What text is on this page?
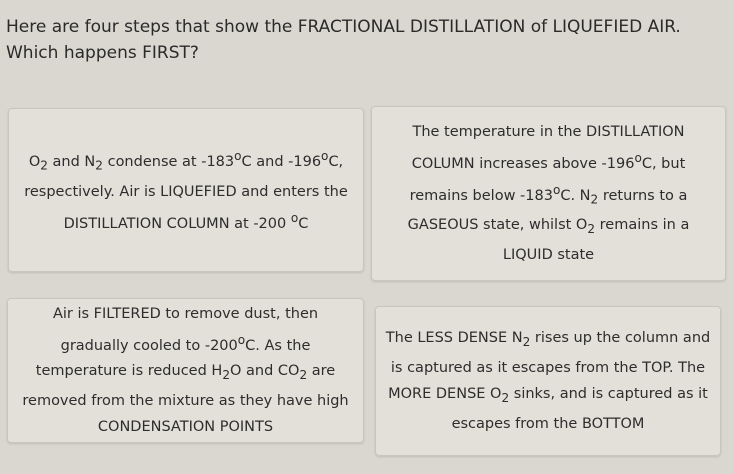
Here are four steps that show the FRACTIONAL DISTILLATION of LIQUEFIED AIR. Which happens FIRST?

$O_2$ and $N_2$ condense at -183$^o$C and -196$^o$C, respectively. Air is LIQUEFIED and enters the DISTILLATION COLUMN at -200 $^o$C
The temperature in the DISTILLATION COLUMN increases above -196$^o$C, but remains below -183$^o$C. $N_2$ returns to a GASEOUS state, whilst $O_2$ remains in a LIQUID state
Air is FILTERED to remove dust, then gradually cooled to -200$^o$C. As the temperature is reduced $H_2O$ and $CO_2$ are removed from the mixture as they have high CONDENSATION POINTS
The LESS DENSE $N_2$ rises up the column and is captured as it escapes from the TOP. The MORE DENSE $O_2$ sinks, and is captured as it escapes from the BOTTOM
